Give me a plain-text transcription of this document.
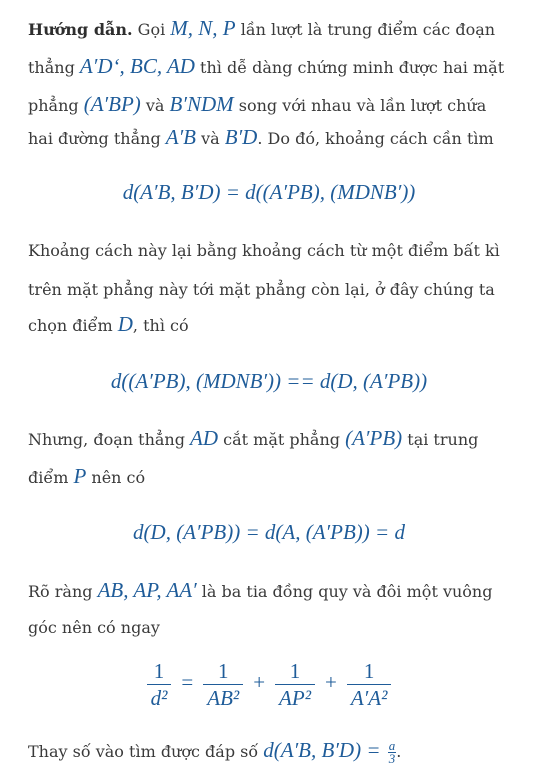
Hướng dẫn. Gọi M, N, P lần lượt là trung điểm các đoạn
thẳng A′D‘, BC, AD thì dễ dàng chứng minh được hai mặt
phẳng (A′BP) và B′NDM song với nhau và lần lượt chứa
hai đường thẳng A′B và B′D. Do đó, khoảng cách cần tìm
d(A′B, B′D) = d((A′PB), (MDNB′))
Khoảng cách này lại bằng khoảng cách từ một điểm bất kì
trên mặt phẳng này tới mặt phẳng còn lại, ở đây chúng ta
chọn điểm D, thì có
d((A′PB), (MDNB′)) == d(D, (A′PB))
Nhưng, đoạn thẳng AD cắt mặt phẳng (A′PB) tại trung
điểm P nên có
d(D, (A′PB)) = d(A, (A′PB)) = d
Rõ ràng AB, AP, AA′ là ba tia đồng quy và đôi một vuông
góc nên có ngay
$\frac{1}{\text{d²}} = \frac{1}{\text{AB²}} + \frac{1}{\text{AP²}} + \frac{1}{\text{A′A²}}$
Thay số vào tìm được đáp số d(A′B, $B'D) = \frac{a}{3}$ .
